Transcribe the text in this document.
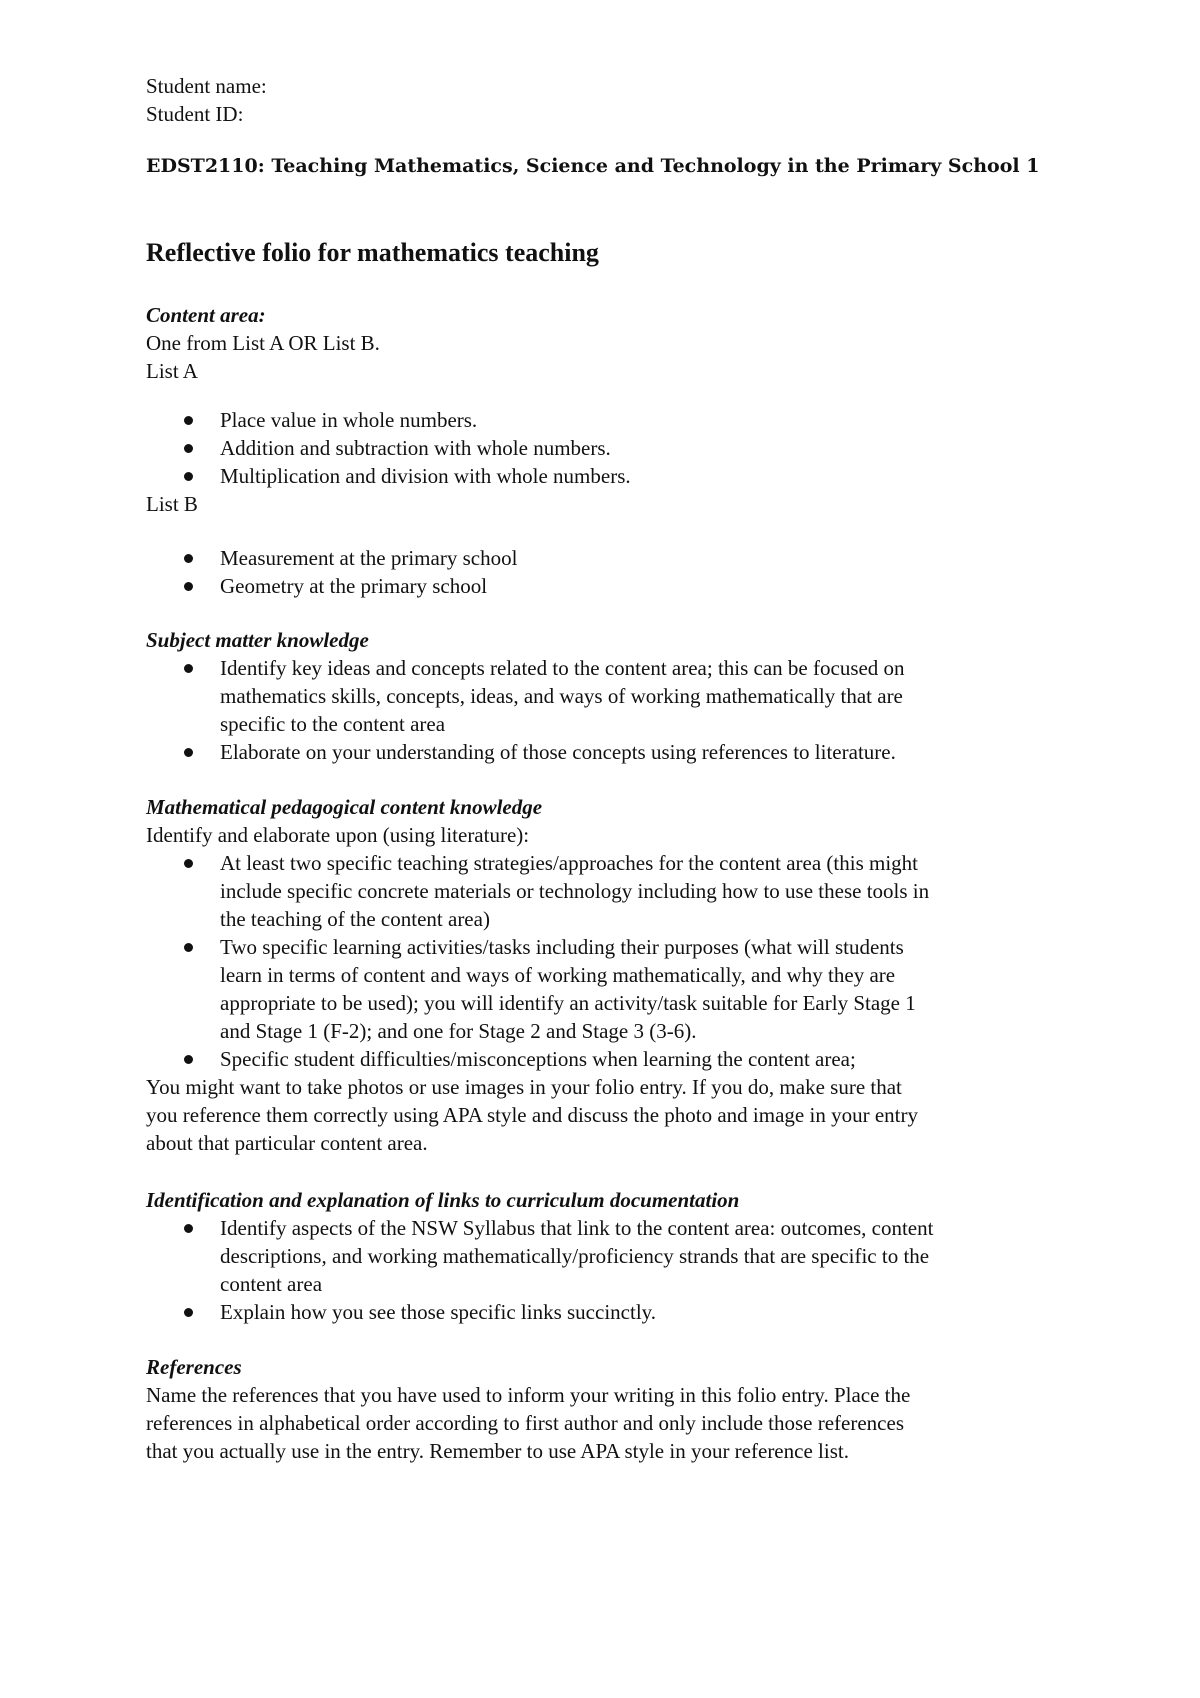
Student name:
Student ID:
EDST2110: Teaching Mathematics, Science and Technology in the Primary School 1
Reflective folio for mathematics teaching
Content area:
One from List A OR List B.
List A
Place value in whole numbers.
Addition and subtraction with whole numbers.
Multiplication and division with whole numbers.
List B
Measurement at the primary school
Geometry at the primary school
Subject matter knowledge
Identify key ideas and concepts related to the content area; this can be focused on
mathematics skills, concepts, ideas, and ways of working mathematically that are
specific to the content area
Elaborate on your understanding of those concepts using references to literature.
Mathematical pedagogical content knowledge
Identify and elaborate upon (using literature):
At least two specific teaching strategies/approaches for the content area (this might
include specific concrete materials or technology including how to use these tools in
the teaching of the content area)
Two specific learning activities/tasks including their purposes (what will students
learn in terms of content and ways of working mathematically, and why they are
appropriate to be used); you will identify an activity/task suitable for Early Stage 1
and Stage 1 (F-2); and one for Stage 2 and Stage 3 (3-6).
Specific student difficulties/misconceptions when learning the content area;
You might want to take photos or use images in your folio entry. If you do, make sure that
you reference them correctly using APA style and discuss the photo and image in your entry
about that particular content area.
Identification and explanation of links to curriculum documentation
Identify aspects of the NSW Syllabus that link to the content area: outcomes, content
descriptions, and working mathematically/proficiency strands that are specific to the
content area
Explain how you see those specific links succinctly.
References
Name the references that you have used to inform your writing in this folio entry. Place the
references in alphabetical order according to first author and only include those references
that you actually use in the entry. Remember to use APA style in your reference list.
